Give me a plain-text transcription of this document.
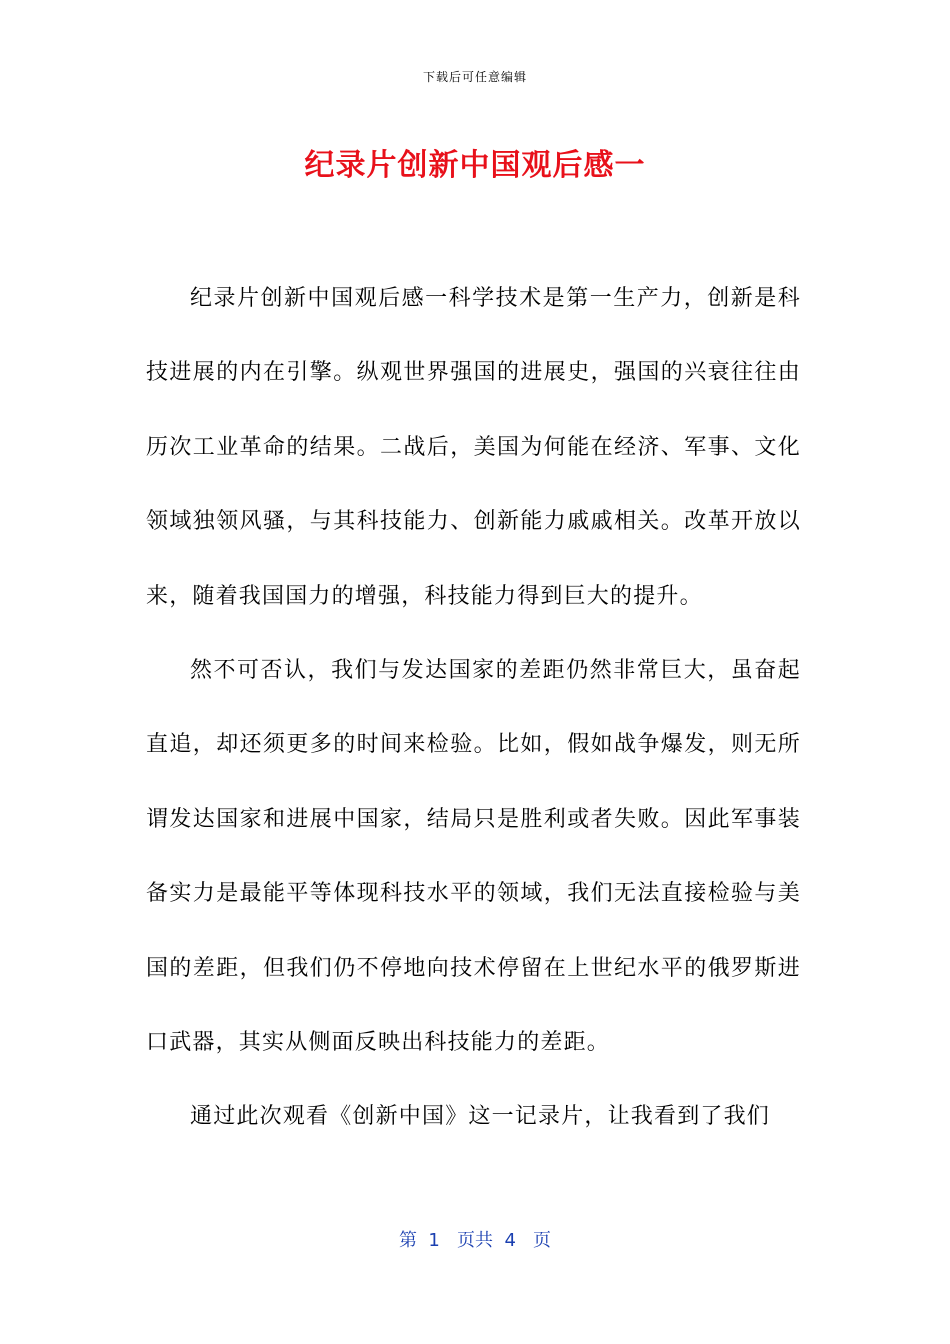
下载后可任意编辑
纪录片创新中国观后感一

纪录片创新中国观后感一科学技术是第一生产力，创新是科技进展的内在引擎。纵观世界强国的进展史，强国的兴衰往往由历次工业革命的结果。二战后，美国为何能在经济、军事、文化领域独领风骚，与其科技能力、创新能力戚戚相关。改革开放以来，随着我国国力的增强，科技能力得到巨大的提升。

然不可否认，我们与发达国家的差距仍然非常巨大，虽奋起直追，却还须更多的时间来检验。比如，假如战争爆发，则无所谓发达国家和进展中国家，结局只是胜利或者失败。因此军事装备实力是最能平等体现科技水平的领域，我们无法直接检验与美国的差距，但我们仍不停地向技术停留在上世纪水平的俄罗斯进口武器，其实从侧面反映出科技能力的差距。

通过此次观看《创新中国》这一记录片，让我看到了我们

第  1   页共  4   页
